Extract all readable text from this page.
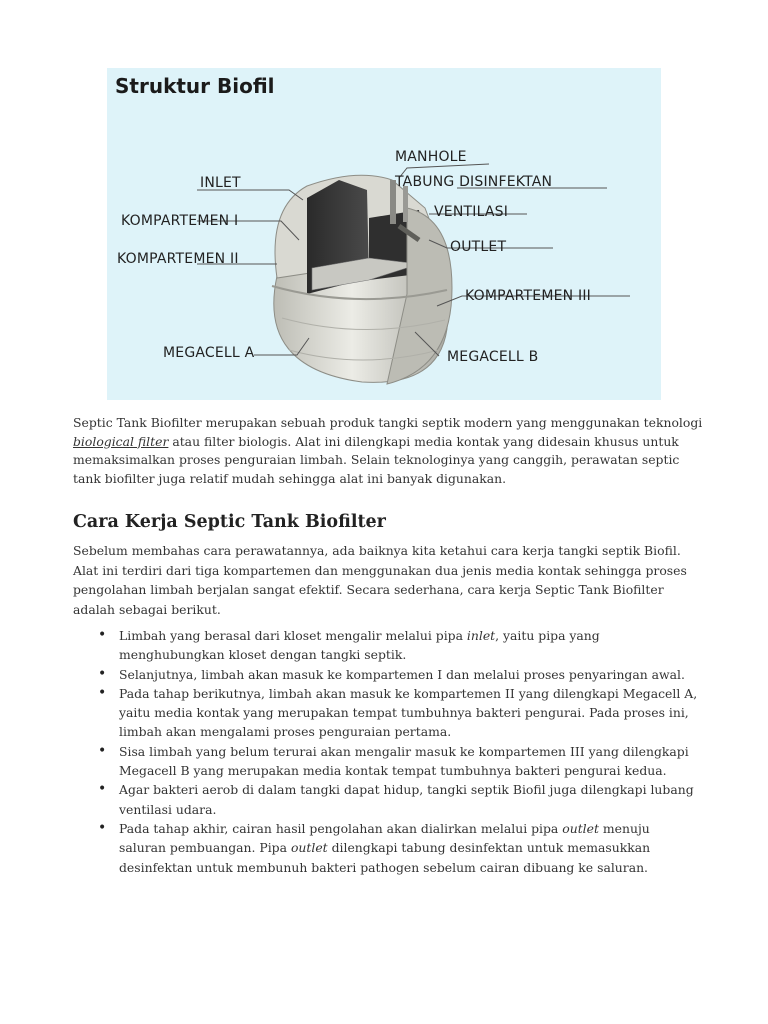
Struktur Biofil
MANHOLE
INLET	TABUNG DISINFEKTAN
KOMPARTEMEN I
VENTILASI
OUTLET
KOMPARTEMEN II
KOMPARTEMEN III
MEGACELL A	MEGACELL B
Septic Tank Biofilter merupakan sebuah produk tangki septik modern yang menggunakan teknologi biological filter atau filter biologis. Alat ini dilengkapi media kontak yang didesain khusus untuk memaksimalkan proses penguraian limbah. Selain teknologinya yang canggih, perawatan septic tank biofilter juga relatif mudah sehingga alat ini banyak digunakan.
Cara Kerja Septic Tank Biofilter
Sebelum membahas cara perawatannya, ada baiknya kita ketahui cara kerja tangki septik Biofil. Alat ini terdiri dari tiga kompartemen dan menggunakan dua jenis media kontak sehingga proses pengolahan limbah berjalan sangat efektif. Secara sederhana, cara kerja Septic Tank Biofilter adalah sebagai berikut.
• Limbah yang berasal dari kloset mengalir melalui pipa inlet, yaitu pipa yang menghubungkan kloset dengan tangki septik.
• Selanjutnya, limbah akan masuk ke kompartemen I dan melalui proses penyaringan awal.
• Pada tahap berikutnya, limbah akan masuk ke kompartemen II yang dilengkapi Megacell A, yaitu media kontak yang merupakan tempat tumbuhnya bakteri pengurai. Pada proses ini, limbah akan mengalami proses penguraian pertama.
• Sisa limbah yang belum terurai akan mengalir masuk ke kompartemen III yang dilengkapi Megacell B yang merupakan media kontak tempat tumbuhnya bakteri pengurai kedua.
• Agar bakteri aerob di dalam tangki dapat hidup, tangki septik Biofil juga dilengkapi lubang ventilasi udara.
• Pada tahap akhir, cairan hasil pengolahan akan dialirkan melalui pipa outlet menuju saluran pembuangan. Pipa outlet dilengkapi tabung desinfektan untuk memasukkan desinfektan untuk membunuh bakteri pathogen sebelum cairan dibuang ke saluran.
